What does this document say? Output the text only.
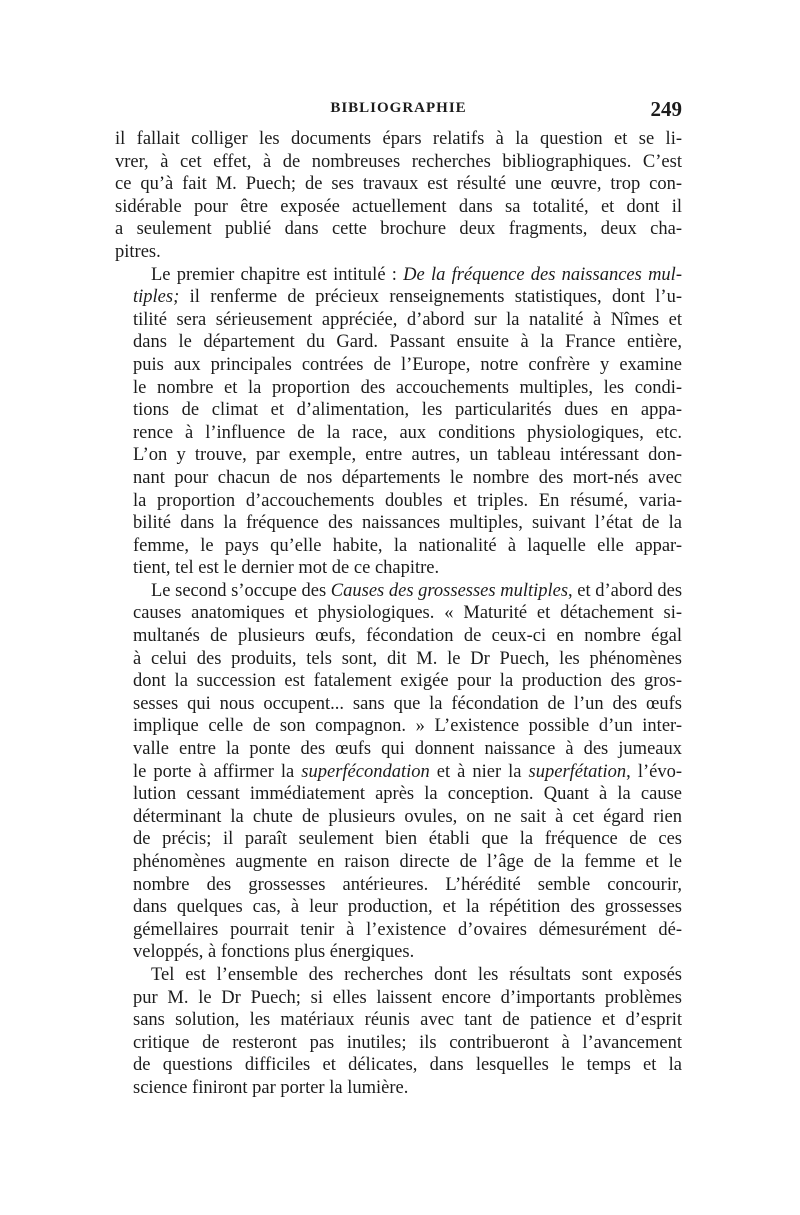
BIBLIOGRAPHIE	249
il fallait colliger les documents épars relatifs à la question et se li-
vrer, à cet effet, à de nombreuses recherches bibliographiques. C’est
ce qu’à fait M. Puech; de ses travaux est résulté une œuvre, trop con-
sidérable pour être exposée actuellement dans sa totalité, et dont il
a seulement publié dans cette brochure deux fragments, deux cha-
pitres.
Le premier chapitre est intitulé : De la fréquence des naissances mul-
tiples; il renferme de précieux renseignements statistiques, dont l’u-
tilité sera sérieusement appréciée, d’abord sur la natalité à Nîmes et
dans le département du Gard. Passant ensuite à la France entière,
puis aux principales contrées de l’Europe, notre confrère y examine
le nombre et la proportion des accouchements multiples, les condi-
tions de climat et d’alimentation, les particularités dues en appa-
rence à l’influence de la race, aux conditions physiologiques, etc.
L’on y trouve, par exemple, entre autres, un tableau intéressant don-
nant pour chacun de nos départements le nombre des mort-nés avec
la proportion d’accouchements doubles et triples. En résumé, varia-
bilité dans la fréquence des naissances multiples, suivant l’état de la
femme, le pays qu’elle habite, la nationalité à laquelle elle appar-
tient, tel est le dernier mot de ce chapitre.
Le second s’occupe des Causes des grossesses multiples, et d’abord des
causes anatomiques et physiologiques. « Maturité et détachement si-
multanés de plusieurs œufs, fécondation de ceux-ci en nombre égal
à celui des produits, tels sont, dit M. le Dr Puech, les phénomènes
dont la succession est fatalement exigée pour la production des gros-
sesses qui nous occupent... sans que la fécondation de l’un des œufs
implique celle de son compagnon. » L’existence possible d’un inter-
valle entre la ponte des œufs qui donnent naissance à des jumeaux
le porte à affirmer la superfécondation et à nier la superfétation, l’évo-
lution cessant immédiatement après la conception. Quant à la cause
déterminant la chute de plusieurs ovules, on ne sait à cet égard rien
de précis; il paraît seulement bien établi que la fréquence de ces
phénomènes augmente en raison directe de l’âge de la femme et le
nombre des grossesses antérieures. L’hérédité semble concourir,
dans quelques cas, à leur production, et la répétition des grossesses
gémellaires pourrait tenir à l’existence d’ovaires démesurément dé-
veloppés, à fonctions plus énergiques.
Tel est l’ensemble des recherches dont les résultats sont exposés
pur M. le Dr Puech; si elles laissent encore d’importants problèmes
sans solution, les matériaux réunis avec tant de patience et d’esprit
critique de resteront pas inutiles; ils contribueront à l’avancement
de questions difficiles et délicates, dans lesquelles le temps et la
science finiront par porter la lumière.
